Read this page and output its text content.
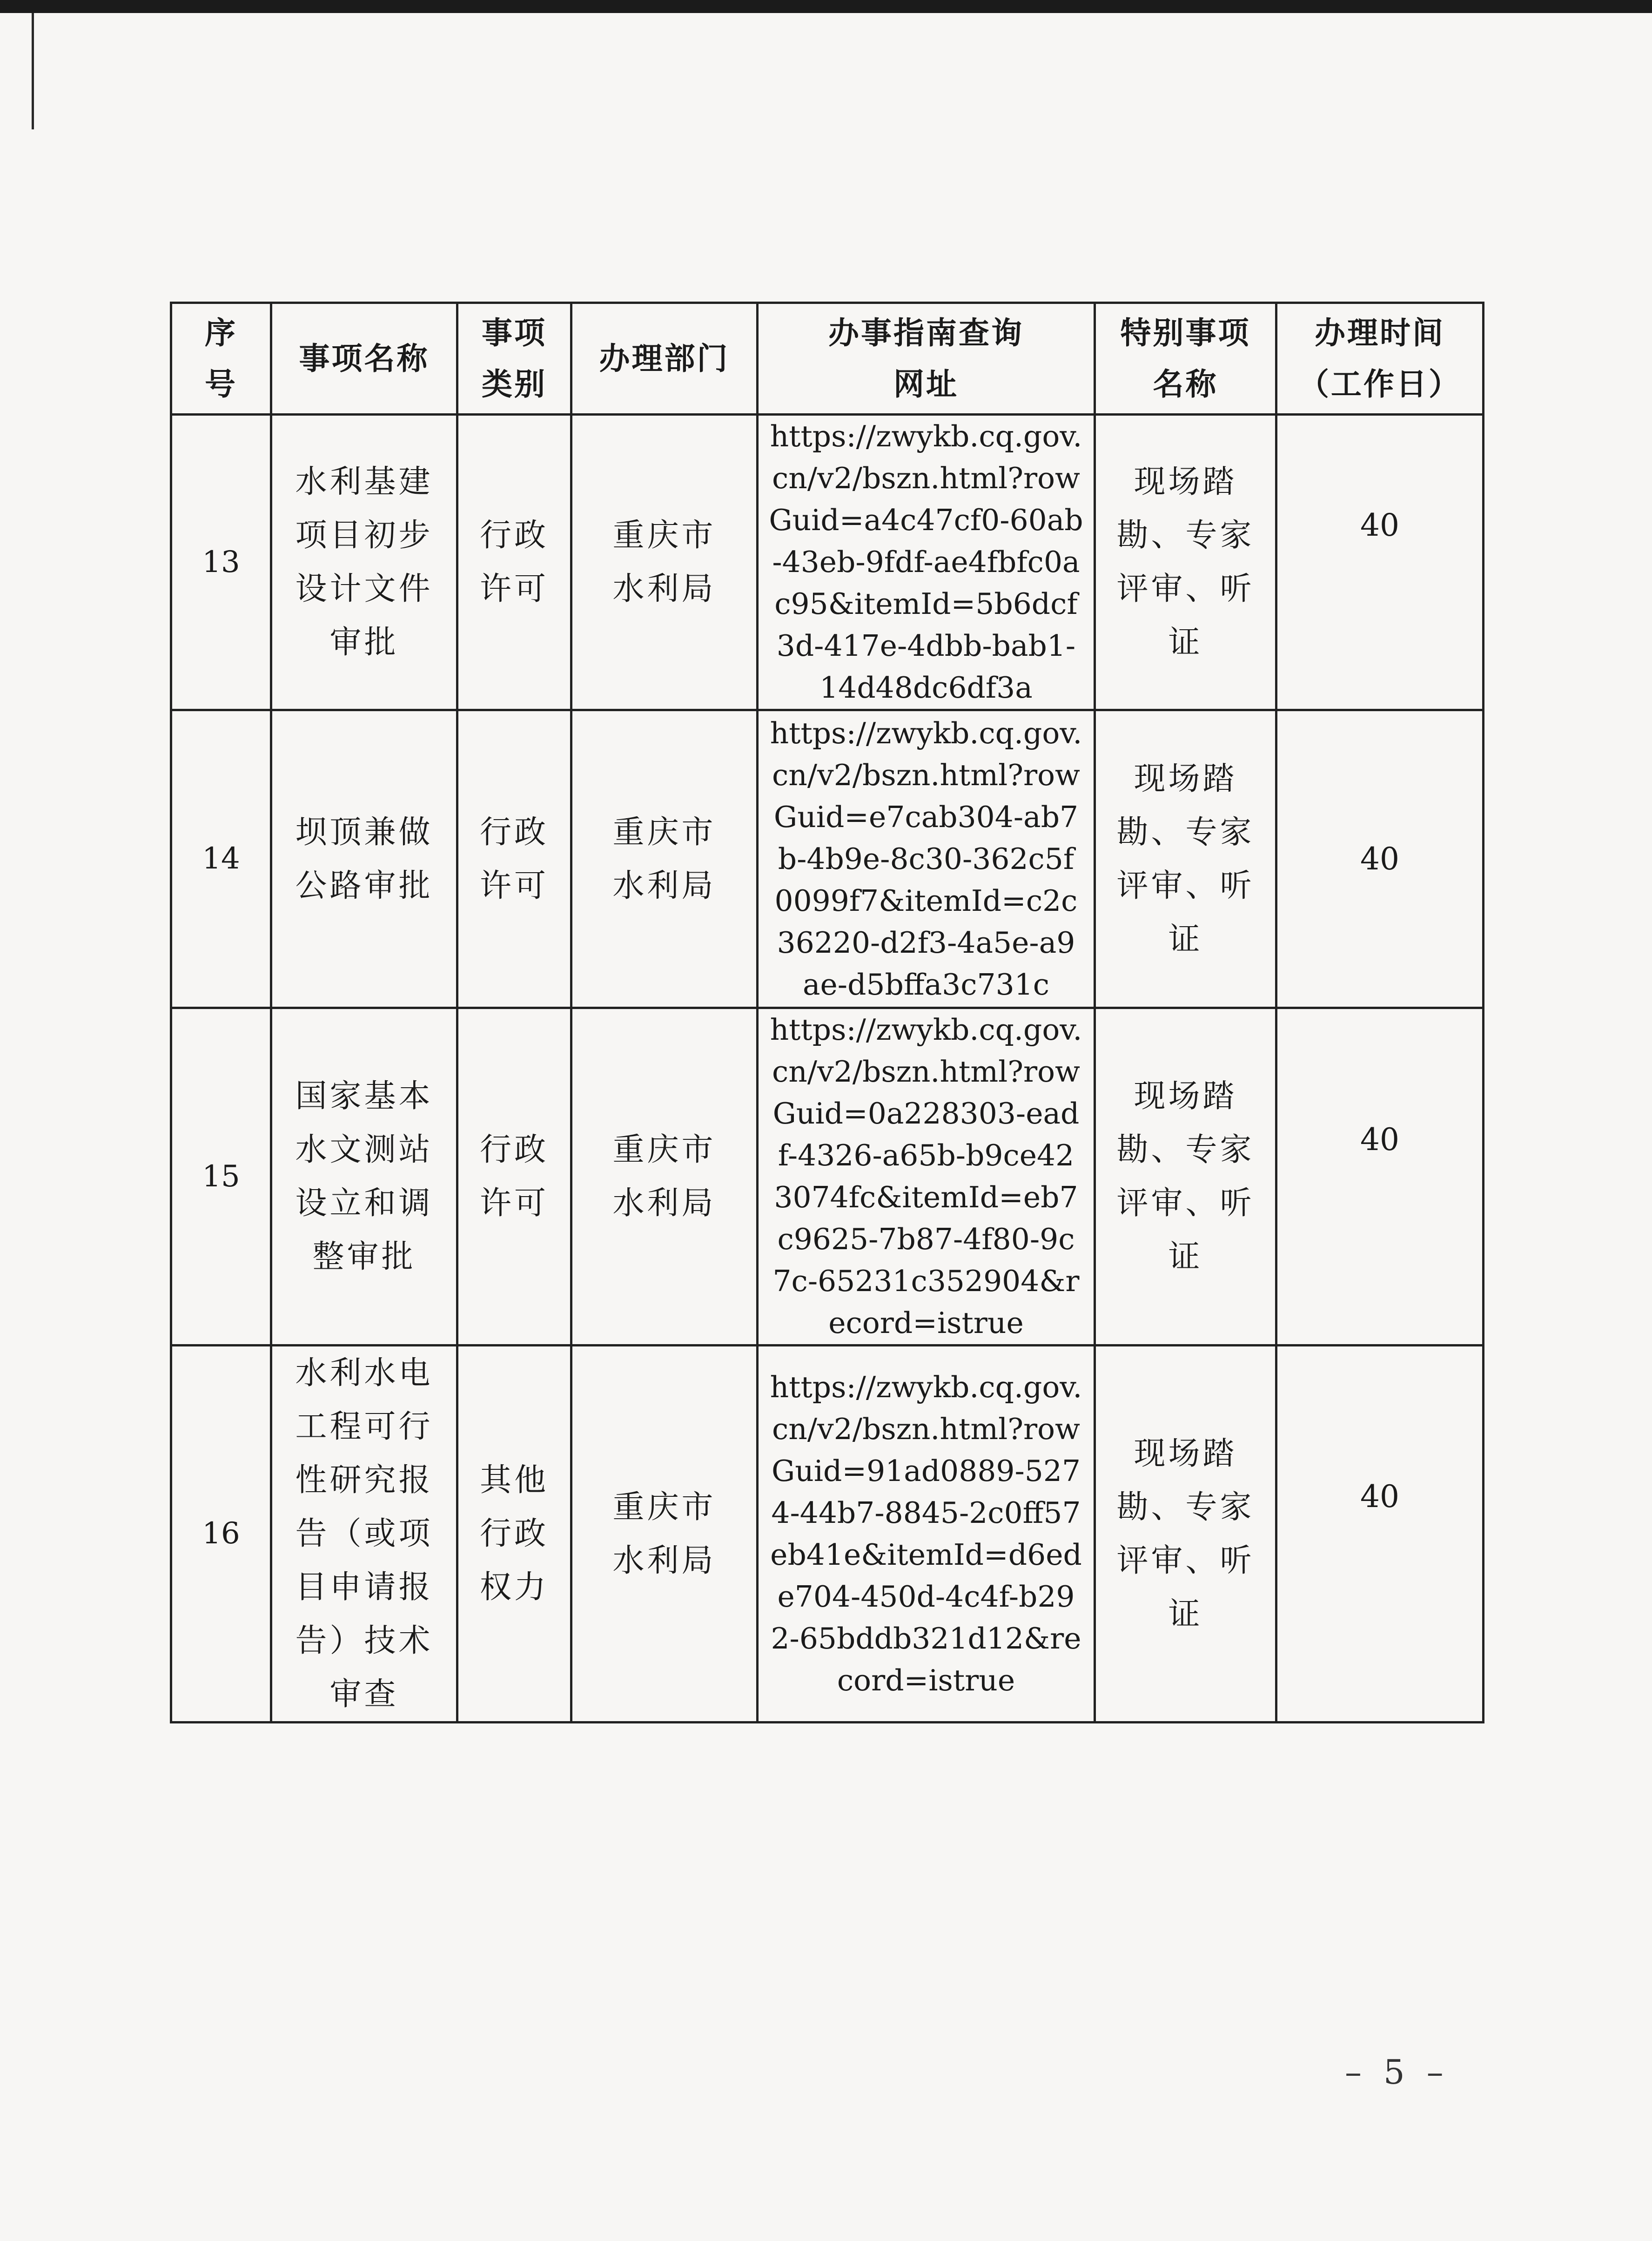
序号	事项名称	事项类别	办理部门	办事指南查询网址	特别事项名称	办理时间（工作日）
13	水利基建项目初步设计文件审批	行政许可	重庆市水利局	https://zwykb.cq.gov.cn/v2/bszn.html?rowGuid=a4c47cf0-60ab-43eb-9fdf-ae4fbfc0ac95&itemId=5b6dcf3d-417e-4dbb-bab1-14d48dc6df3a	现场踏勘、专家评审、听证	40
14	坝顶兼做公路审批	行政许可	重庆市水利局	https://zwykb.cq.gov.cn/v2/bszn.html?rowGuid=e7cab304-ab7b-4b9e-8c30-362c5f0099f7&itemId=c2c36220-d2f3-4a5e-a9ae-d5bffa3c731c	现场踏勘、专家评审、听证	40
15	国家基本水文测站设立和调整审批	行政许可	重庆市水利局	https://zwykb.cq.gov.cn/v2/bszn.html?rowGuid=0a228303-eadf-4326-a65b-b9ce423074fc&itemId=eb7c9625-7b87-4f80-9c7c-65231c352904&record=istrue	现场踏勘、专家评审、听证	40
16	水利水电工程可行性研究报告（或项目申请报告）技术审查	其他行政权力	重庆市水利局	https://zwykb.cq.gov.cn/v2/bszn.html?rowGuid=91ad0889-5274-44b7-8845-2c0ff57eb41e&itemId=d6ede704-450d-4c4f-b292-65bddb321d12&record=istrue	现场踏勘、专家评审、听证	40
– 5 –
